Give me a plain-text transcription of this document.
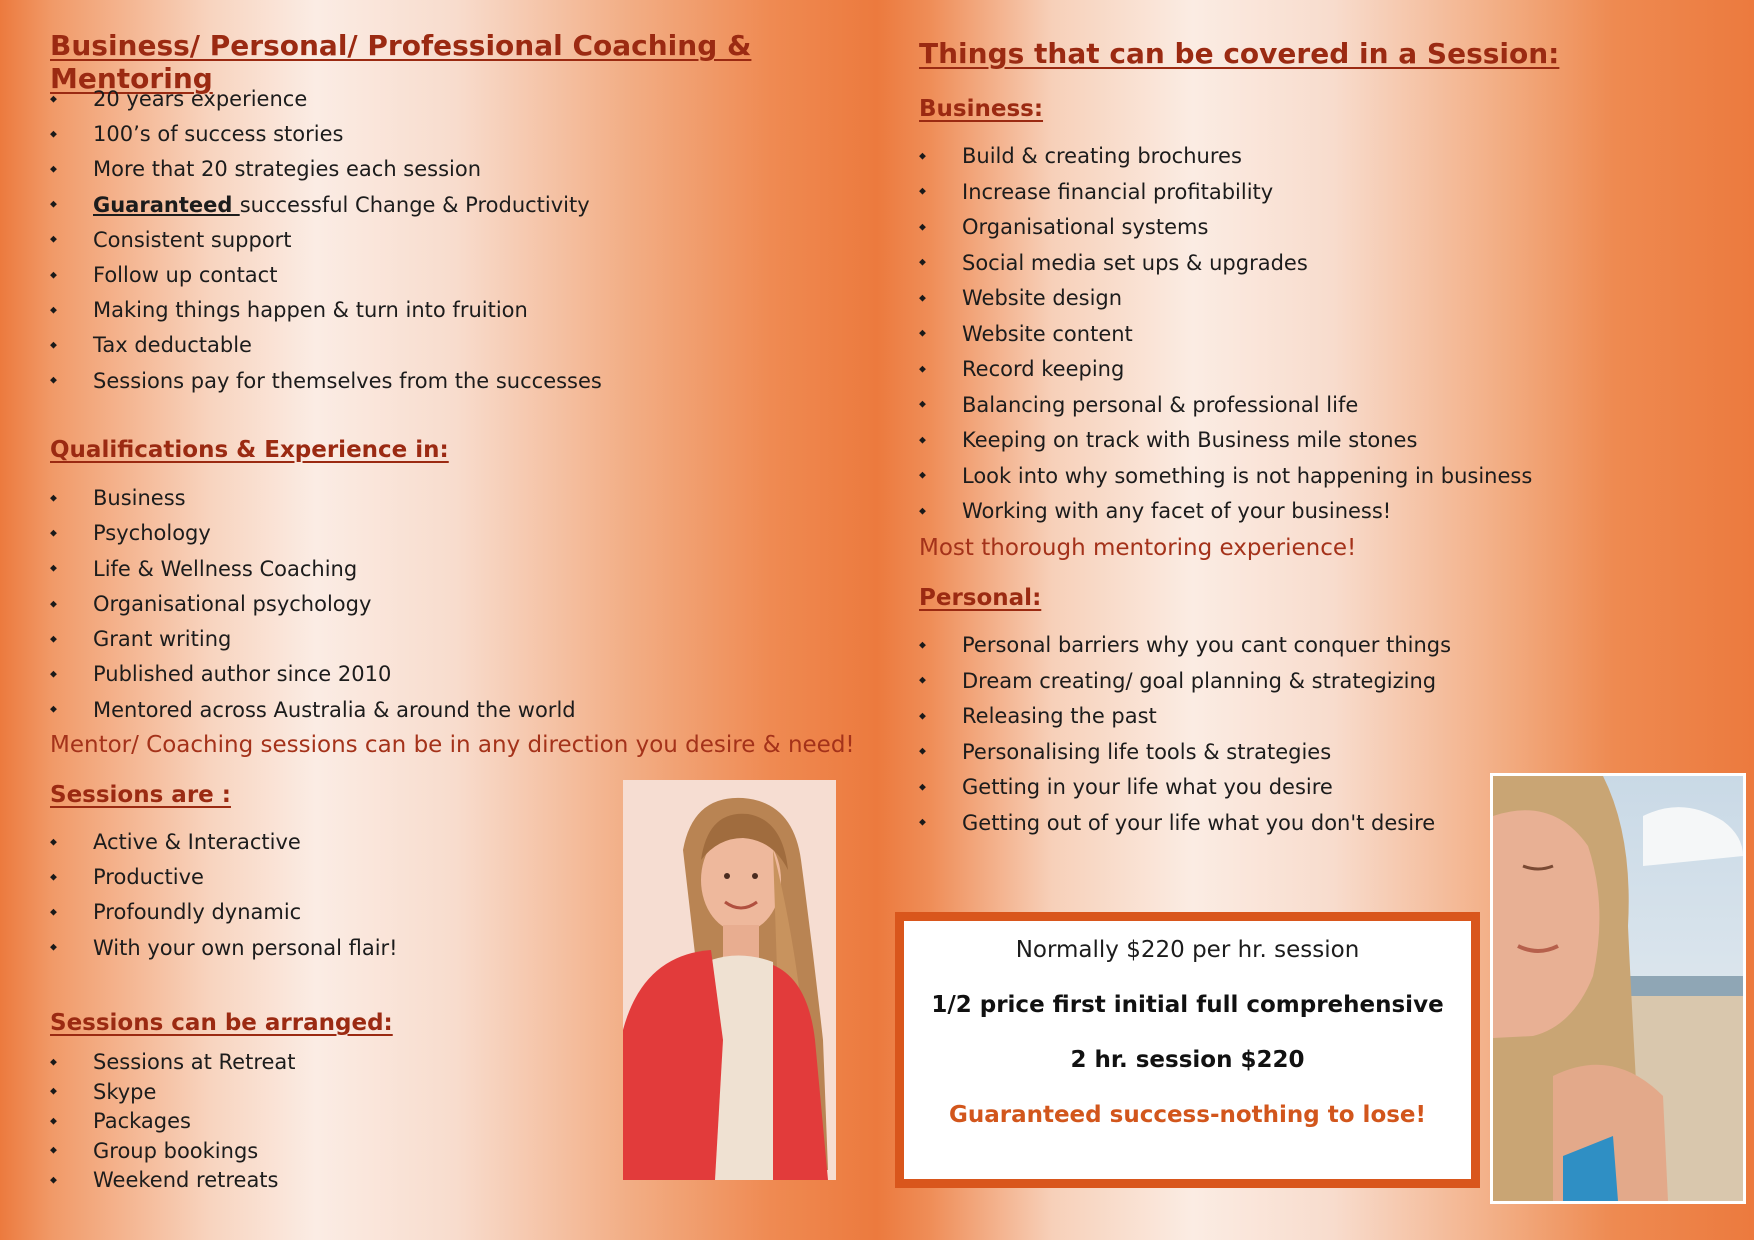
Business/ Personal/ Professional Coaching & Mentoring
◆ 20 years experience
◆ 100’s of success stories
◆ More that 20 strategies each session
◆ Guaranteed successful Change & Productivity
◆ Consistent support
◆ Follow up contact
◆ Making things happen & turn into fruition
◆ Tax deductable
◆ Sessions pay for themselves from the successes
Qualifications & Experience in:
◆ Business
◆ Psychology
◆ Life & Wellness Coaching
◆ Organisational psychology
◆ Grant writing
◆ Published author since 2010
◆ Mentored across Australia & around the world
Mentor/ Coaching sessions can be in any direction you desire & need!
Sessions are :
◆ Active & Interactive
◆ Productive
◆ Profoundly dynamic
◆ With your own personal flair!
Sessions can be arranged:
◆ Sessions at Retreat
◆ Skype
◆ Packages
◆ Group bookings
◆ Weekend retreats
Things that can be covered in a Session:
Business:
◆ Build & creating brochures
◆ Increase financial profitability
◆ Organisational systems
◆ Social media set ups & upgrades
◆ Website design
◆ Website content
◆ Record keeping
◆ Balancing personal & professional life
◆ Keeping on track with Business mile stones
◆ Look into why something is not happening in business
◆ Working with any facet of your business!
Most thorough mentoring experience!
Personal:
◆ Personal barriers why you cant conquer things
◆ Dream creating/ goal planning & strategizing
◆ Releasing the past
◆ Personalising life tools & strategies
◆ Getting in your life what you desire
◆ Getting out of your life what you don't desire

Normally $220 per hr. session

1/2 price first initial full comprehensive

2 hr. session $220

Guaranteed success-nothing to lose!
